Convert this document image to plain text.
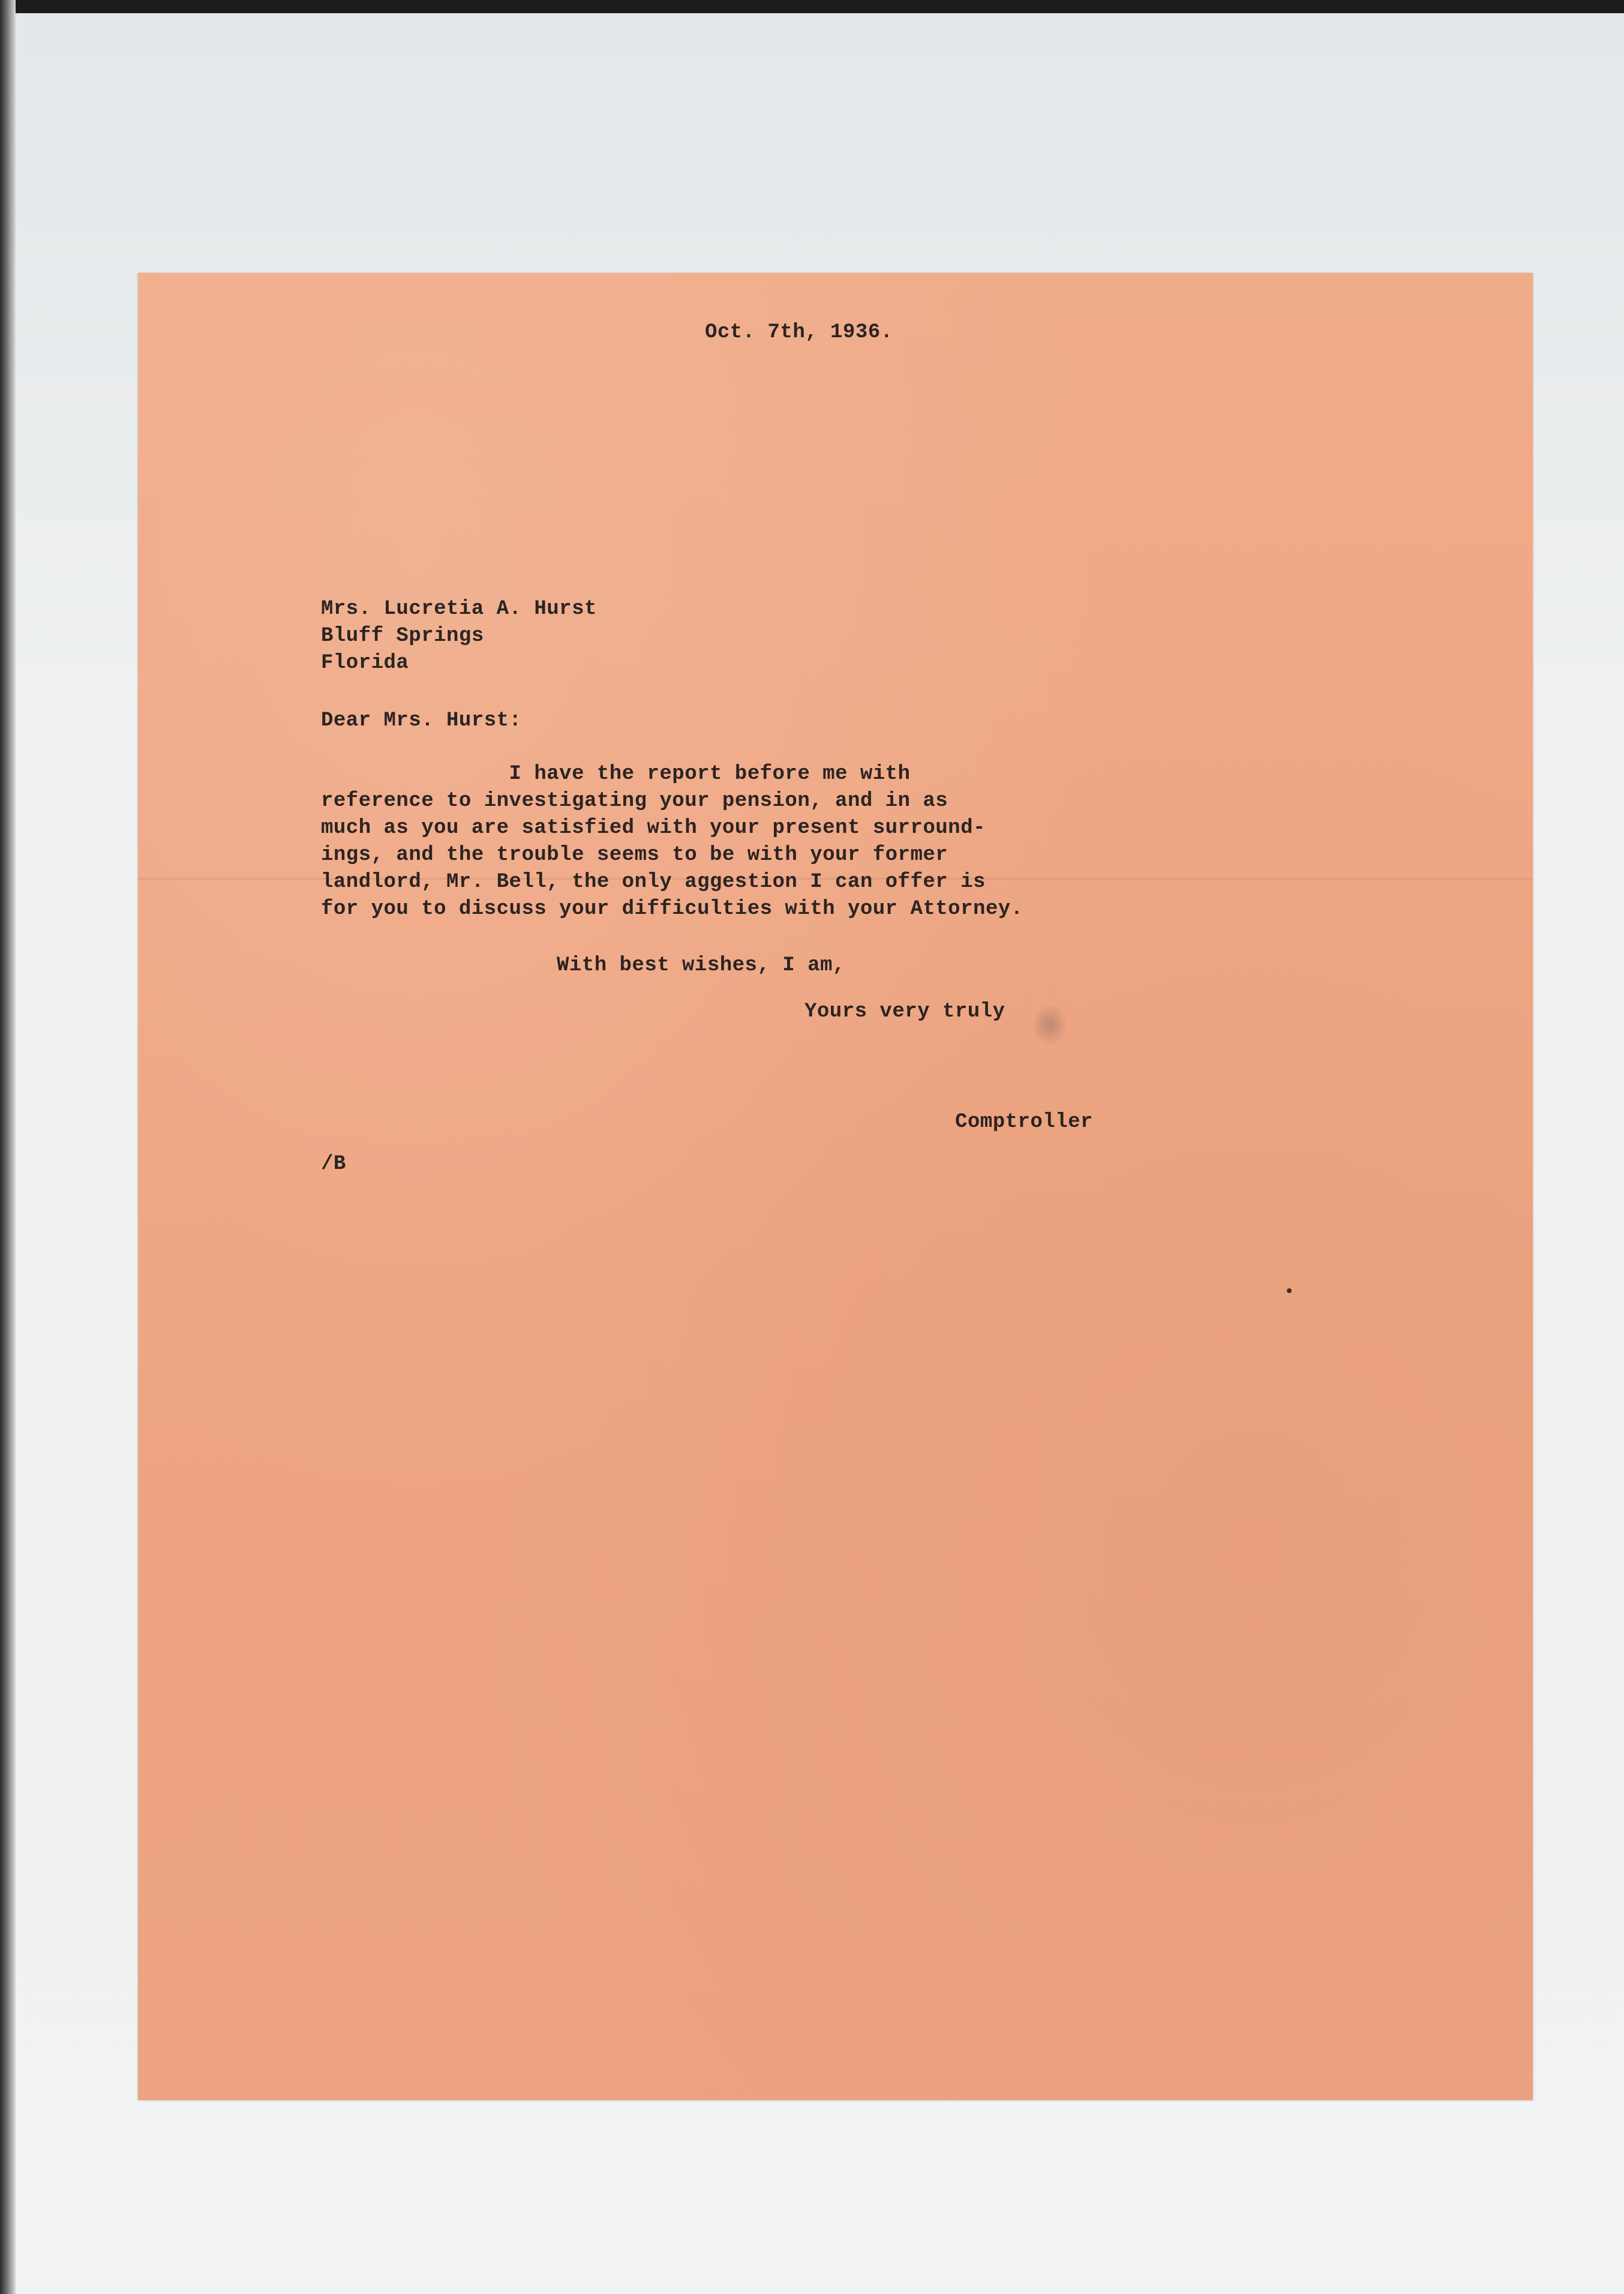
Oct. 7th, 1936.
Mrs. Lucretia A. Hurst
Bluff Springs
Florida
Dear Mrs. Hurst:
I have the report before me with
reference to investigating your pension, and in as
much as you are satisfied with your present surround-
ings, and the trouble seems to be with your former
landlord, Mr. Bell, the only aggestion I can offer is
for you to discuss your difficulties with your Attorney.
With best wishes, I am,
Yours very truly
Comptroller
/B
